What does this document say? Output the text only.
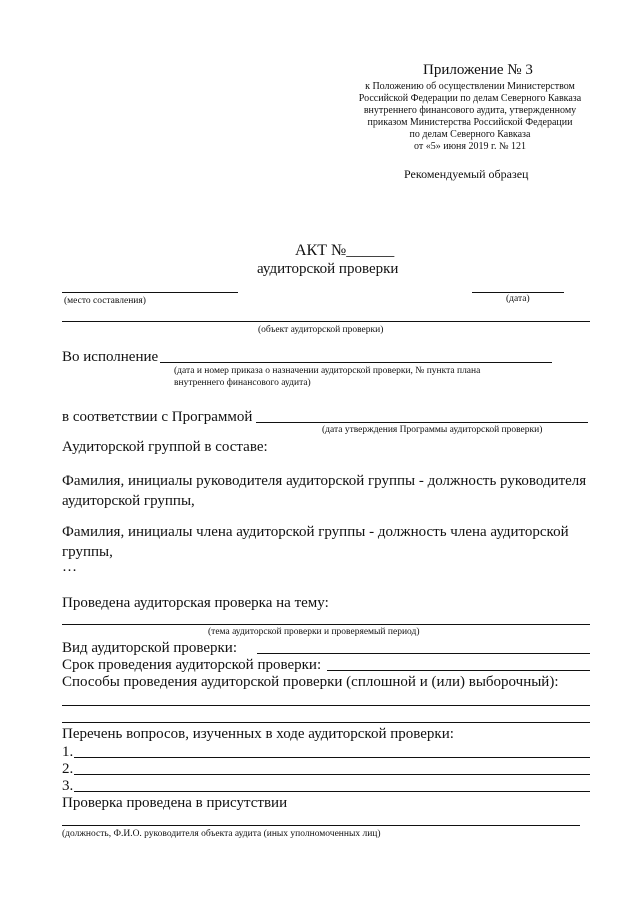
Приложение № 3
к Положению об осуществлении Министерством
Российской Федерации по делам Северного Кавказа
внутреннего финансового аудита, утвержденному
приказом Министерства Российской Федерации
по делам Северного Кавказа
от «5» июня 2019 г. № 121
Рекомендуемый образец
АКТ №______
аудиторской проверки
(место составления)	(дата)
(объект аудиторской проверки)
Во исполнение
(дата и номер приказа о назначении аудиторской проверки, № пункта плана
внутреннего финансового аудита)
в соответствии с Программой
(дата утверждения Программы аудиторской проверки)
Аудиторской группой в составе:
Фамилия, инициалы руководителя аудиторской группы - должность руководителя аудиторской группы,
Фамилия, инициалы члена аудиторской группы - должность члена аудиторской группы,
…
Проведена аудиторская проверка на тему:
(тема аудиторской проверки и проверяемый период)
Вид аудиторской проверки:
Срок проведения аудиторской проверки:
Способы проведения аудиторской проверки (сплошной и (или) выборочный):
Перечень вопросов, изученных в ходе аудиторской проверки:
1.
2.
3.
Проверка проведена в присутствии
(должность, Ф.И.О. руководителя объекта аудита (иных уполномоченных лиц)
